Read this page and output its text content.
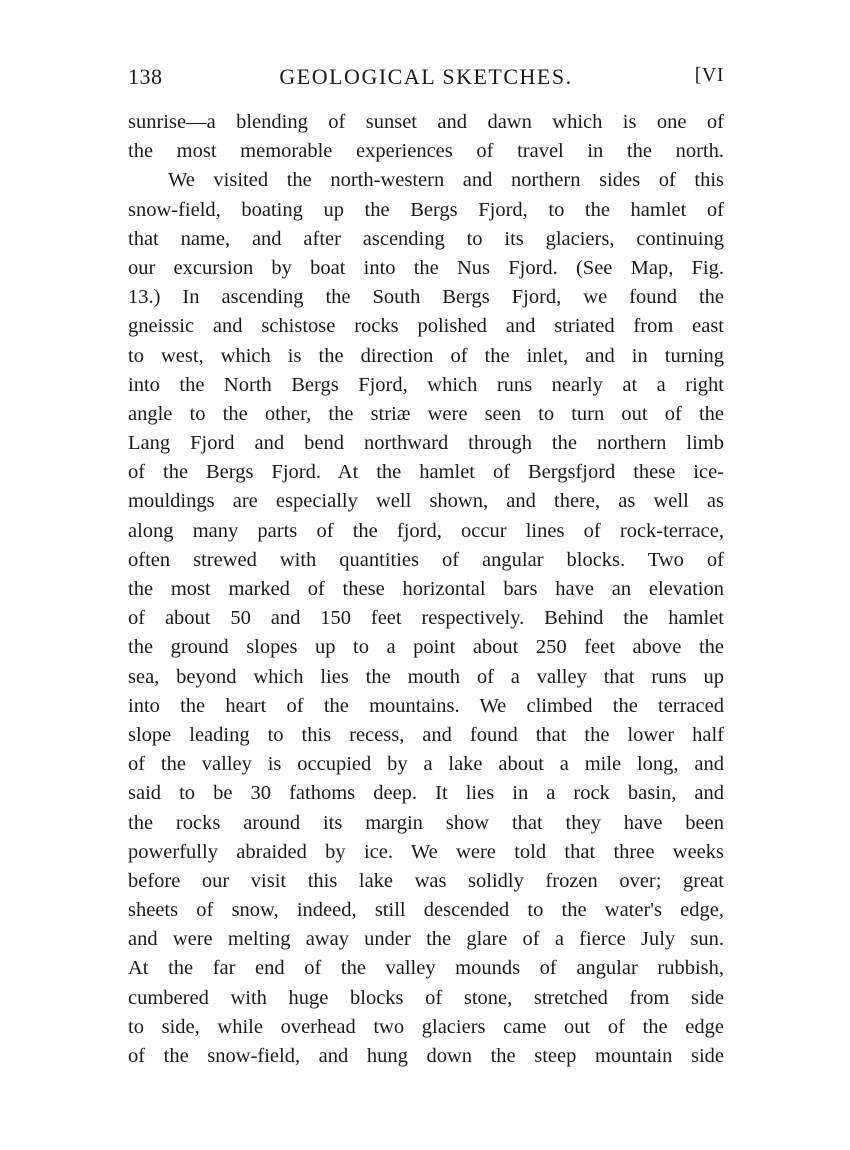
138	GEOLOGICAL SKETCHES.	[VI
sunrise—a blending of sunset and dawn which is one of
the most memorable experiences of travel in the north.
We visited the north-western and northern sides of this
snow-field, boating up the Bergs Fjord, to the hamlet of
that name, and after ascending to its glaciers, continuing
our excursion by boat into the Nus Fjord. (See Map, Fig.
13.) In ascending the South Bergs Fjord, we found the
gneissic and schistose rocks polished and striated from east
to west, which is the direction of the inlet, and in turning
into the North Bergs Fjord, which runs nearly at a right
angle to the other, the striæ were seen to turn out of the
Lang Fjord and bend northward through the northern limb
of the Bergs Fjord. At the hamlet of Bergsfjord these ice-
mouldings are especially well shown, and there, as well as
along many parts of the fjord, occur lines of rock-terrace,
often strewed with quantities of angular blocks. Two of
the most marked of these horizontal bars have an elevation
of about 50 and 150 feet respectively. Behind the hamlet
the ground slopes up to a point about 250 feet above the
sea, beyond which lies the mouth of a valley that runs up
into the heart of the mountains. We climbed the terraced
slope leading to this recess, and found that the lower half
of the valley is occupied by a lake about a mile long, and
said to be 30 fathoms deep. It lies in a rock basin, and
the rocks around its margin show that they have been
powerfully abraided by ice. We were told that three weeks
before our visit this lake was solidly frozen over; great
sheets of snow, indeed, still descended to the water's edge,
and were melting away under the glare of a fierce July sun.
At the far end of the valley mounds of angular rubbish,
cumbered with huge blocks of stone, stretched from side
to side, while overhead two glaciers came out of the edge
of the snow-field, and hung down the steep mountain side
